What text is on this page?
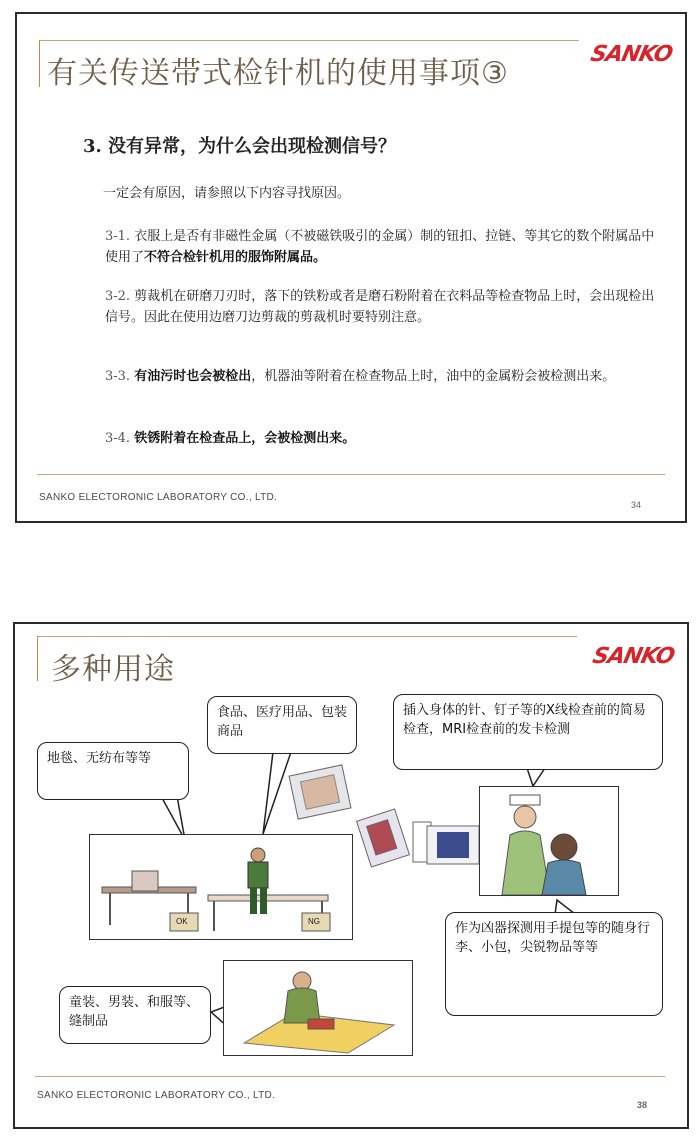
有关传送带式检针机的使用事项③
SANKO
3. 没有异常，为什么会出现检测信号？
一定会有原因，请参照以下内容寻找原因。
3-1. 衣服上是否有非磁性金属（不被磁铁吸引的金属）制的钮扣、拉链、等其它的数个附属品中使用了不符合检针机用的服饰附属品。
3-2. 剪裁机在研磨刀刃时，落下的铁粉或者是磨石粉附着在衣料品等检查物品上时，会出现检出信号。因此在使用边磨刀边剪裁的剪裁机时要特别注意。
3-3. 有油污时也会被检出，机器油等附着在检查物品上时，油中的金属粉会被检测出来。
3-4. 铁锈附着在检查品上，会被检测出来。
SANKO ELECTORONIC LABORATORY CO., LTD.
34
多种用途	SANKO
地毯、无纺布等等
食品、医疗用品、包装商品
插入身体的针、钉子等的X线检查前的简易检查，MRI检查前的发卡检测
童装、男装、和服等、缝制品
作为凶器探测用手提包等的随身行李、小包，尖锐物品等等
OK	NG
SANKO ELECTORONIC LABORATORY CO., LTD.
38
